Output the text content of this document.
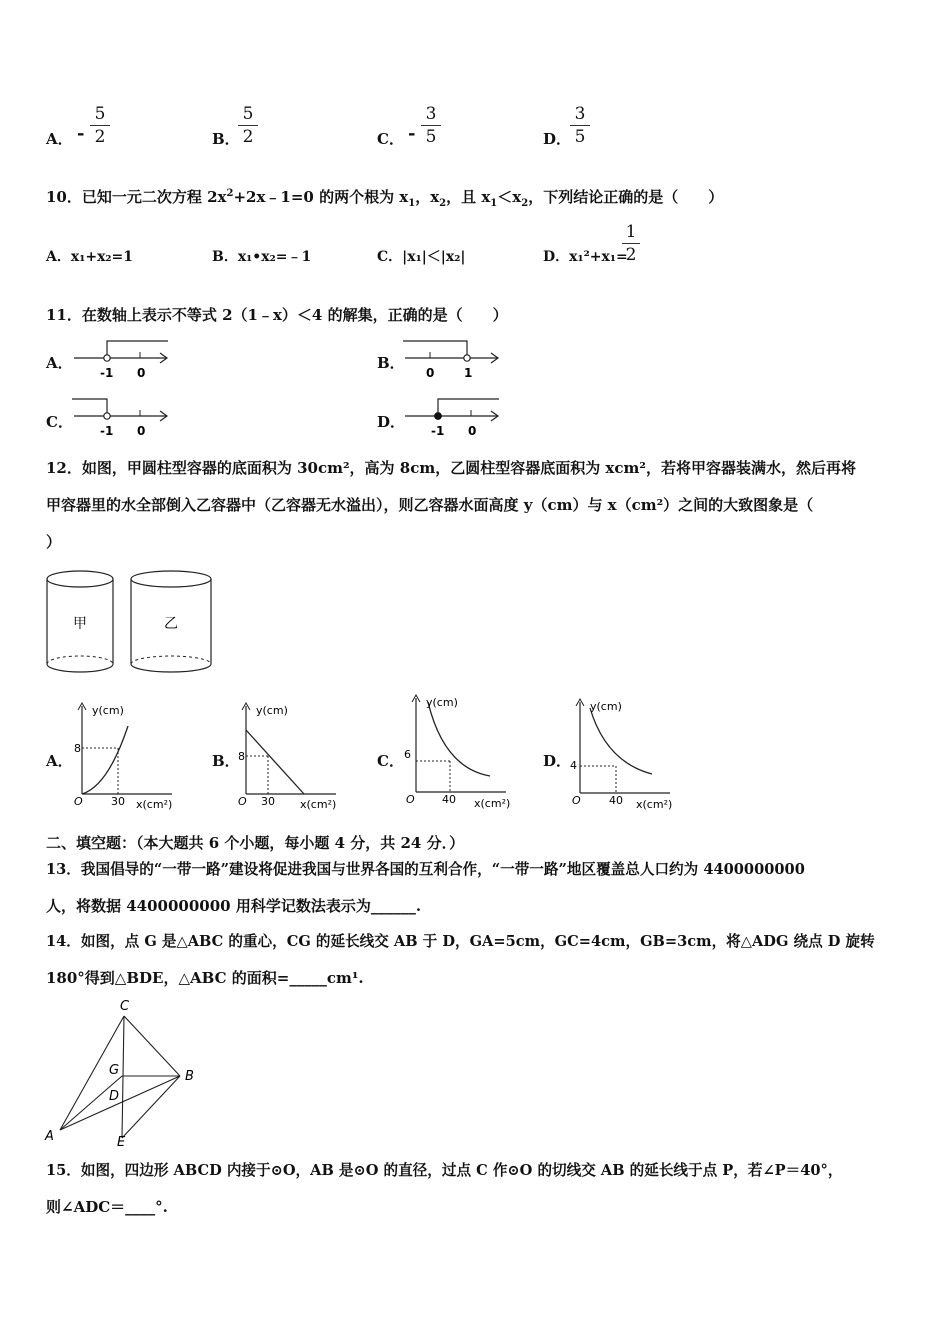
A． -
5
2	B．
5
2	C． -
3
5	D．
3
5
10．已知一元二次方程 $2x^2+2x﹣1=0$ 的两个根为 $x_1$，$x_2$，且 $x_1<x_2$，下列结论正确的是（　　）
A．x₁+x₂=1	B．x₁•x₂=﹣1	C．|x₁|＜|x₂|	D．x₁²+x₁=
1
2
11．在数轴上表示不等式 2（1﹣x）＜4 的解集，正确的是（　　）
A．
-1 0
B．
0 1
C． -1 0	D． -1 0
12．如图，甲圆柱型容器的底面积为 30cm²，高为 8cm，乙圆柱型容器底面积为 xcm²，若将甲容器装满水，然后再将
甲容器里的水全部倒入乙容器中（乙容器无水溢出），则乙容器水面高度 y（cm）与 x（cm²）之间的大致图象是（
）
甲	乙
A．
y(cm)
8
O	30 x(cm²)
B．
y(cm)
8
O 30 x(cm²)
C．
y(cm)
6
O 40 x(cm²)
D．
y(cm)
4
O	40 x(cm²)
二、填空题：（本大题共 6 个小题，每小题 4 分，共 24 分．）
13．我国倡导的“一带一路”建设将促进我国与世界各国的互利合作，“一带一路”地区覆盖总人口约为 4400000000
人，将数据 4400000000 用科学记数法表示为______.
14．如图，点 G 是△ABC 的重心，CG 的延长线交 AB 于 D，GA=5cm，GC=4cm，GB=3cm，将△ADG 绕点 D 旋转
180°得到△BDE，△ABC 的面积=_____cm¹.
C
G	B
D
A	E
15．如图，四边形 ABCD 内接于⊙O，AB 是⊙O 的直径，过点 C 作⊙O 的切线交 AB 的延长线于点 P，若∠P＝40°，
则∠ADC＝____°.
